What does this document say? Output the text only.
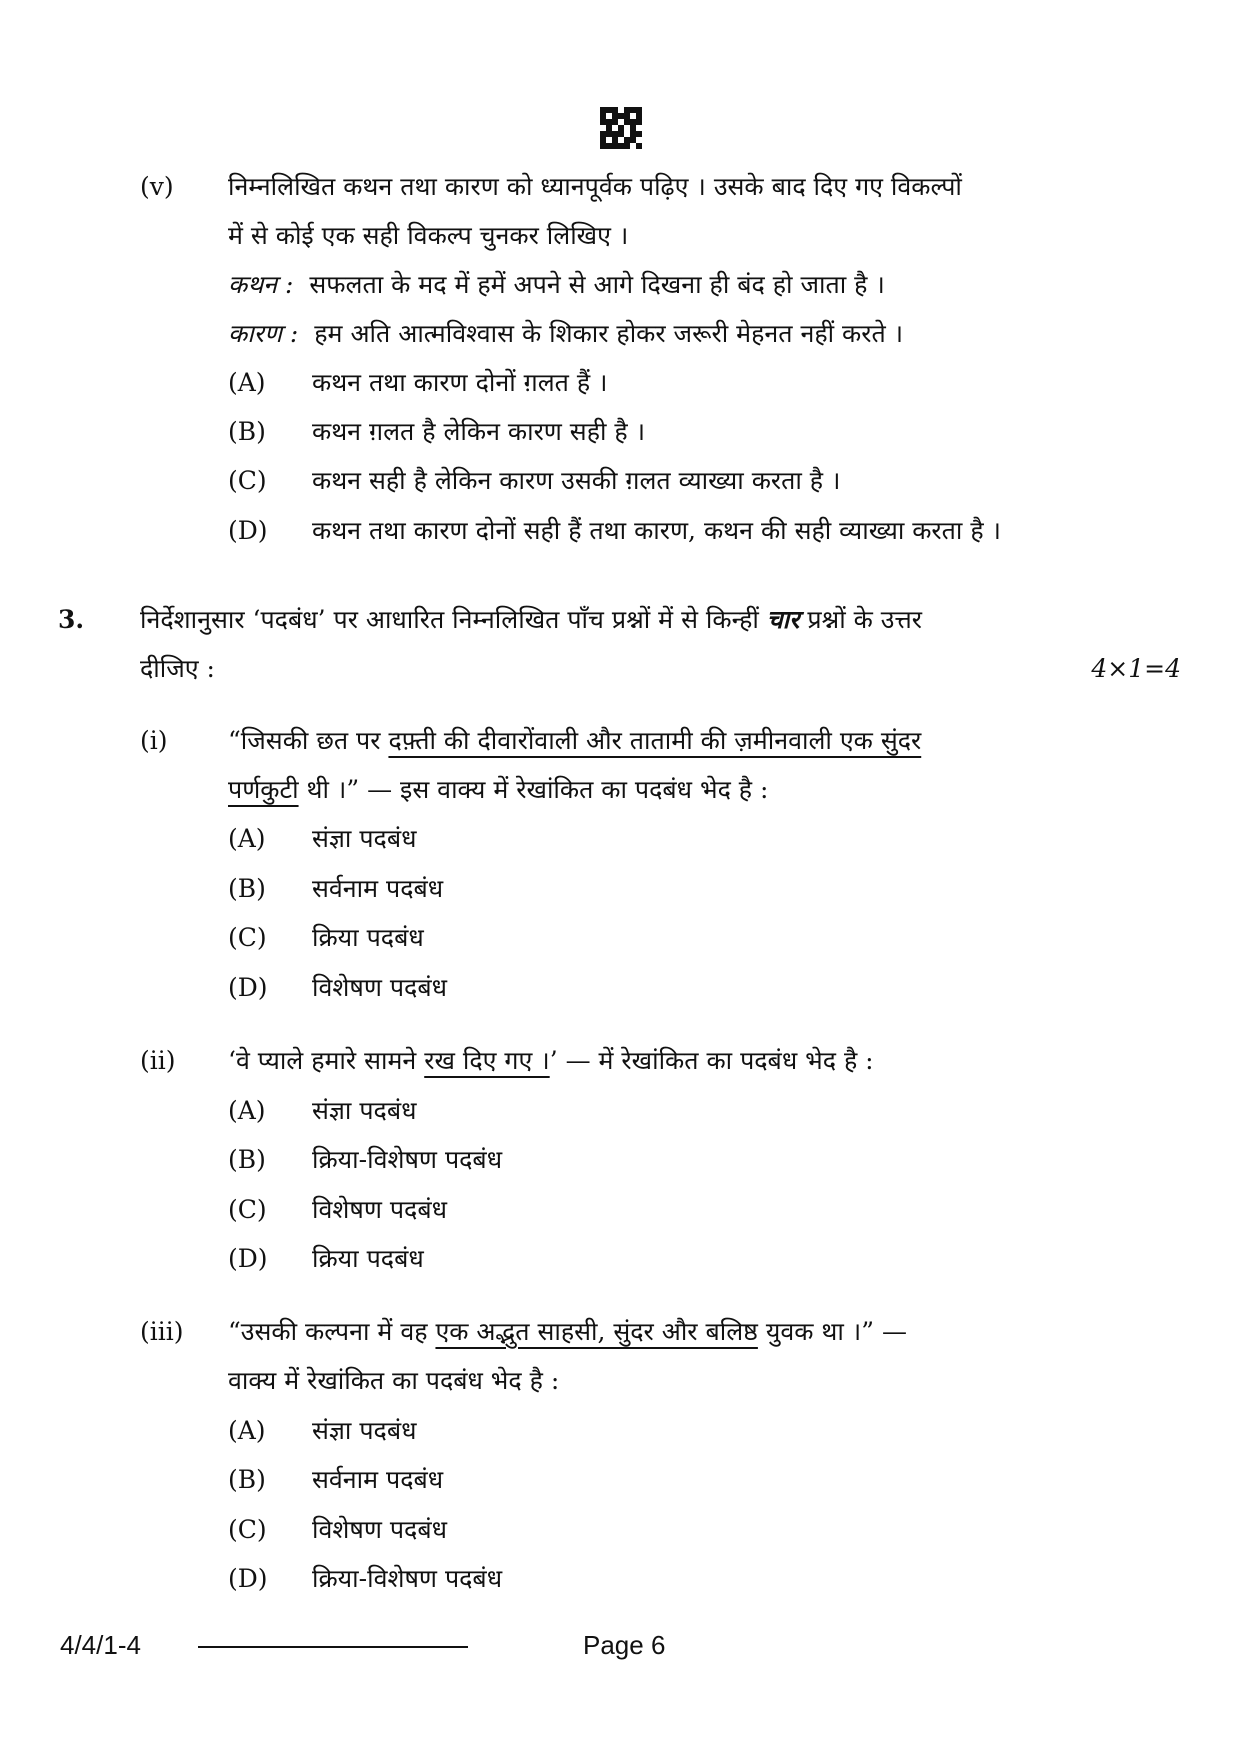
(v) निम्नलिखित कथन तथा कारण को ध्यानपूर्वक पढ़िए । उसके बाद दिए गए विकल्पों
में से कोई एक सही विकल्प चुनकर लिखिए ।
कथन : सफलता के मद में हमें अपने से आगे दिखना ही बंद हो जाता है ।
कारण : हम अति आत्मविश्वास के शिकार होकर जरूरी मेहनत नहीं करते ।
(A) कथन तथा कारण दोनों ग़लत हैं ।
(B) कथन ग़लत है लेकिन कारण सही है ।
(C) कथन सही है लेकिन कारण उसकी ग़लत व्याख्या करता है ।
(D) कथन तथा कारण दोनों सही हैं तथा कारण, कथन की सही व्याख्या करता है ।
3. निर्देशानुसार ‘पदबंध’ पर आधारित निम्नलिखित पाँच प्रश्नों में से किन्हीं चार प्रश्नों के उत्तर
दीजिए :	4×1=4
(i) “जिसकी छत पर दफ़्ती की दीवारोंवाली और तातामी की ज़मीनवाली एक सुंदर
पर्णकुटी थी ।” — इस वाक्य में रेखांकित का पदबंध भेद है :
(A) संज्ञा पदबंध
(B) सर्वनाम पदबंध
(C) क्रिया पदबंध
(D) विशेषण पदबंध
(ii) ‘वे प्याले हमारे सामने रख दिए गए ।’ — में रेखांकित का पदबंध भेद है :
(A) संज्ञा पदबंध
(B) क्रिया-विशेषण पदबंध
(C) विशेषण पदबंध
(D) क्रिया पदबंध
(iii) “उसकी कल्पना में वह एक अद्भुत साहसी, सुंदर और बलिष्ठ युवक था ।” —
वाक्य में रेखांकित का पदबंध भेद है :
(A) संज्ञा पदबंध
(B) सर्वनाम पदबंध
(C) विशेषण पदबंध
(D) क्रिया-विशेषण पदबंध
4/4/1-4	Page 6
